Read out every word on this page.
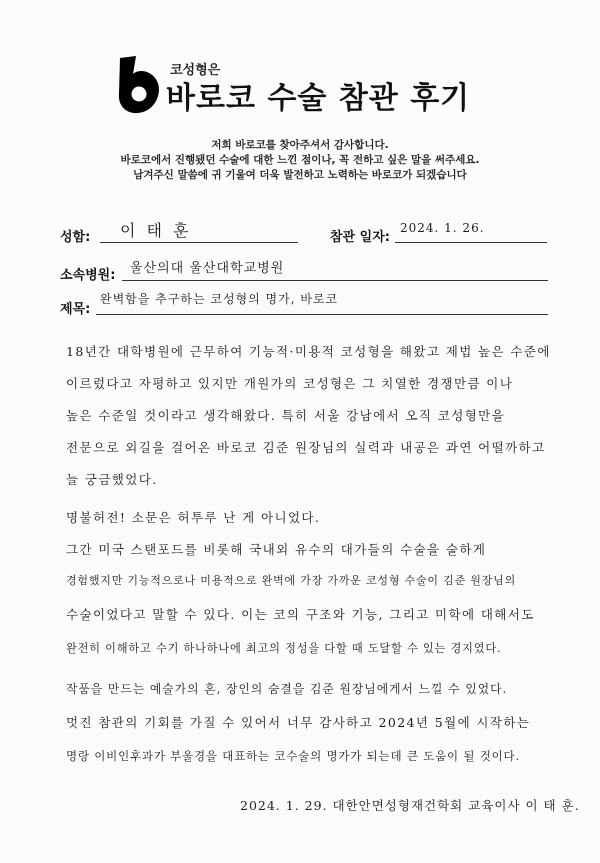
코성형은
바로코 수술 참관 후기
저희 바로코를 찾아주셔서 감사합니다.
바로코에서 진행됐던 수술에 대한 느낀 점이나, 꼭 전하고 싶은 말을 써주세요.
남겨주신 말씀에 귀 기울여 더욱 발전하고 노력하는 바로코가 되겠습니다
성함: 이 태 훈	참관 일자:
2024. 1. 26.
소속병원: 울산의대 울산대학교병원
제목:
완벽함을 추구하는 코성형의 명가, 바로코
18년간 대학병원에 근무하여 기능적·미용적 코성형을 해왔고 제법 높은 수준에
이르렀다고 자평하고 있지만 개원가의 코성형은 그 치열한 경쟁만큼 이나
높은 수준일 것이라고 생각해왔다. 특히 서울 강남에서 오직 코성형만을
전문으로 외길을 걸어온 바로코 김준 원장님의 실력과 내공은 과연 어떨까하고
늘 궁금했었다.
명불허전! 소문은 허투루 난 게 아니었다.
그간 미국 스탠포드를 비롯해 국내외 유수의 대가들의 수술을 술하게
경험했지만 기능적으로나 미용적으로 완벽에 가장 가까운 코성형 수술이 김준 원장님의
수술이었다고 말할 수 있다. 이는 코의 구조와 기능, 그리고 미학에 대해서도
완전히 이해하고 수기 하나하나에 최고의 정성을 다할 때 도달할 수 있는 경지였다.
작품을 만드는 예술가의 혼, 장인의 숨결을 김준 원장님에게서 느낄 수 있었다.
멋진 참관의 기회를 가질 수 있어서 너무 감사하고 2024년 5월에 시작하는
명랑 이비인후과가 부울경을 대표하는 코수술의 명가가 되는데 큰 도움이 될 것이다.
2024. 1. 29. 대한안면성형재건학회 교육이사 이 태 훈.
